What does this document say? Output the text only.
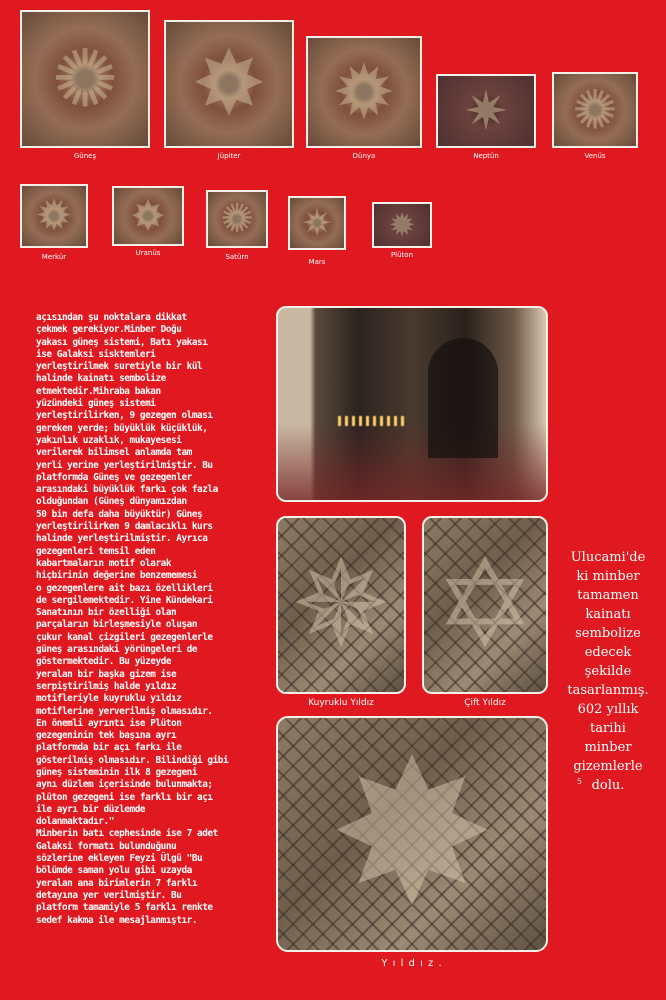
✺
Güneş
✸
Jüpiter
✹
Dünya
✷
Neptün
✺
Venüs
✹
Merkür
✸
Uranüs
✺
Satürn
✷
Mars
✹
Plüton
açısından şu noktalara dikkat
çekmek gerekiyor.Minber Doğu
yakası güneş sistemi, Batı yakası
ise Galaksi sisktemleri
yerleştirilmek suretiyle bir kül
halinde kainatı sembolize
etmektedir.Mihraba bakan
yüzündeki güneş sistemi
yerleştirilirken, 9 gezegen olması
gereken yerde; büyüklük küçüklük,
yakınlık uzaklık, mukayesesi
verilerek bilimsel anlamda tam
yerli yerine yerleştirilmiştir. Bu
platformda Güneş ve gezegenler
arasındaki büyüklük farkı çok fazla
olduğundan (Güneş dünyamızdan
50 bin defa daha büyüktür) Güneş
yerleştirilirken 9 damlacıklı kurs
halinde yerleştirilmiştir. Ayrıca
gezegenleri temsil eden
kabartmaların motif olarak
hiçbirinin değerine benzememesi
o gezegenlere ait bazı özellikleri
de sergilemektedir. Yine Kündekari
Sanatının bir özelliği olan
parçaların birleşmesiyle oluşan
çukur kanal çizgileri gezegenlerle
güneş arasındaki yörüngeleri de
göstermektedir. Bu yüzeyde
yeralan bir başka gizem ise
serpiştirilmiş halde yıldız
motifleriyle kuyruklu yıldız
motiflerine yerverilmiş olmasıdır.
En önemli ayrıntı ise Plüton
gezegeninin tek başına ayrı
platformda bir açı farkı ile
gösterilmiş olmasıdır. Bilindiği gibi
güneş sisteminin ilk 8 gezegeni
aynı düzlem içerisinde bulunmakta;
plüton gezegeni ise farklı bir açı
ile ayrı bir düzlemde
dolanmaktadır."
Minberin batı cephesinde ise 7 adet
Galaksi formatı bulunduğunu
sözlerine ekleyen Feyzi Ülgü "Bu
bölümde saman yolu gibi uzayda
yeralan ana birimlerin 7 farklı
detayına yer verilmiştir. Bu
platform tamamiyle 5 farklı renkte
sedef kakma ile mesajlanmıştır.
✵
Kuyruklu Yıldız
✡
Çift Yıldız
✸
Y ı l d ı z .
Ulucami'de
ki minber
tamamen
kainatı
sembolize
edecek
şekilde
tasarlanmış.
602 yıllık
tarihi
minber
gizemlerle
dolu.
5
